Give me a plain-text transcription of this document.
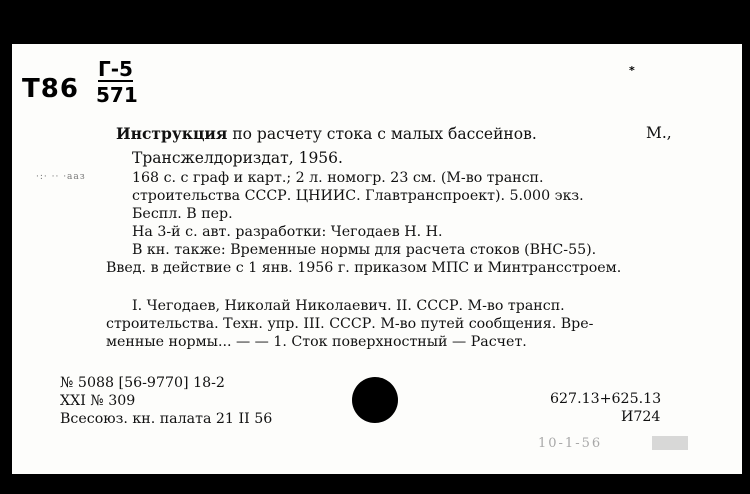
Т86
Г-5
571
*
·:· ·· ·ааз
Инструкция по расчету стока с малых бассейнов.	М.,
Трансжелдориздат, 1956.
168 с. с граф и карт.; 2 л. номогр. 23 см. (М-во трансп.
строительства СССР. ЦНИИС. Главтранспроект). 5.000 экз.
Беспл. В пер.
На 3-й с. авт. разработки: Чегодаев Н. Н.
В кн. также: Временные нормы для расчета стоков (ВНС-55).
Введ. в действие с 1 янв. 1956 г. приказом МПС и Минтрансстроем.
I. Чегодаев, Николай Николаевич. II. СССР. М-во трансп.
строительства. Техн. упр. III. СССР. М-во путей сообщения. Вре-
менные нормы... — — 1. Сток поверхностный — Расчет.
№ 5088 [56-9770] 18-2
XXI № 309
Всесоюз. кн. палата 21 II 56
627.13+625.13
И724
10-1-56
